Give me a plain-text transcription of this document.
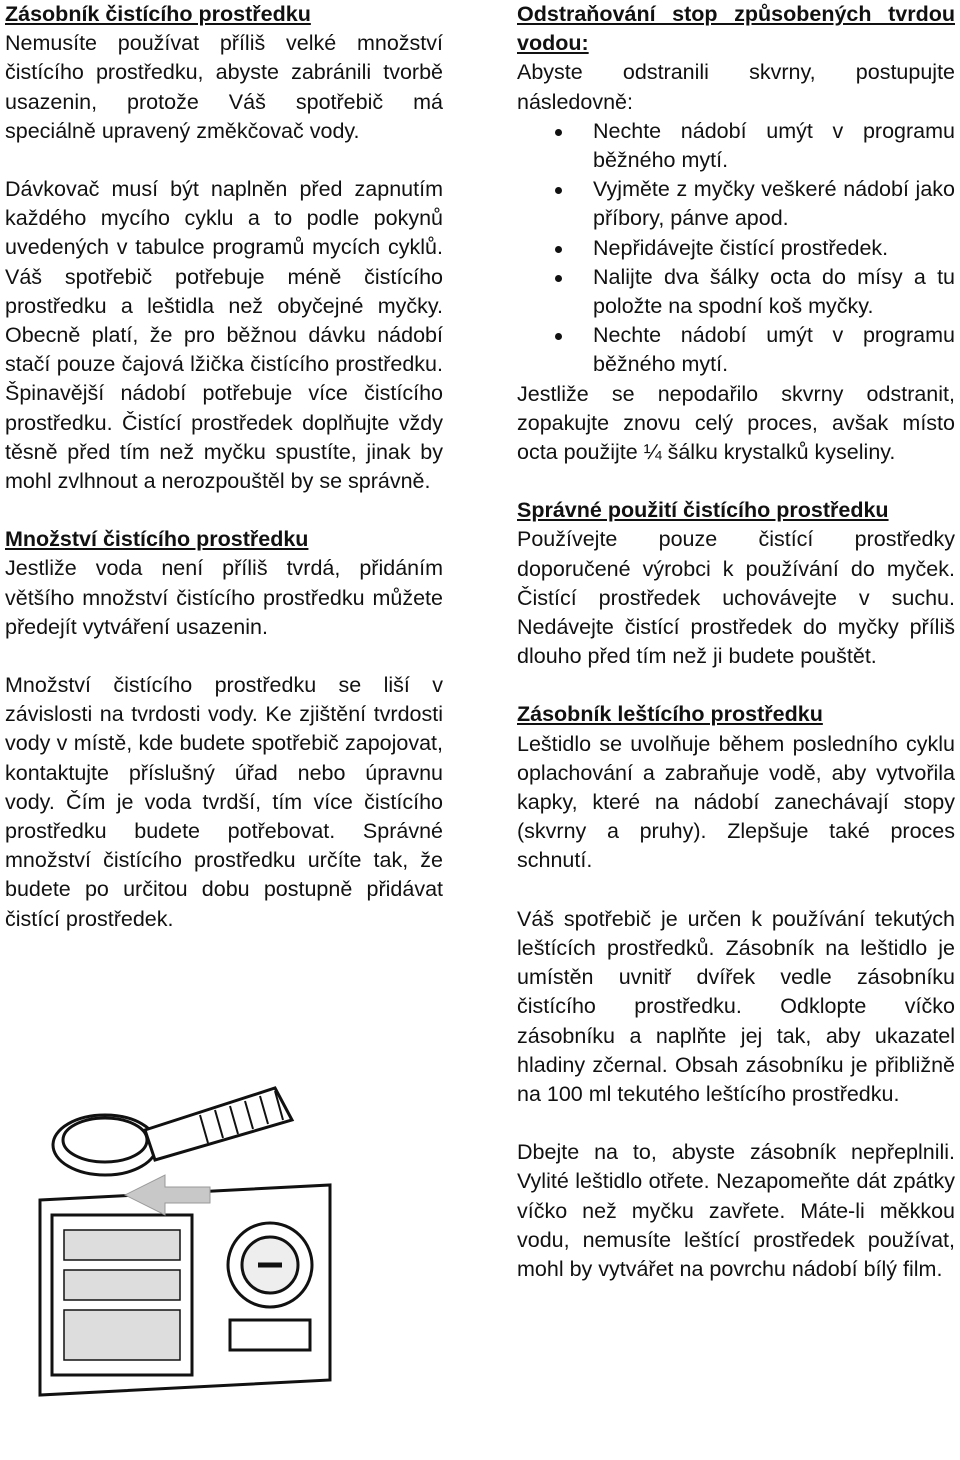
Zásobník čistícího prostředku

Nemusíte používat příliš velké množství čistícího prostředku, abyste zabránili tvorbě usazenin, protože Váš spotřebič má speciálně upravený změkčovač vody.

Dávkovač musí být naplněn před zapnutím každého mycího cyklu a to podle pokynů uvedených v tabulce programů mycích cyklů. Váš spotřebič potřebuje méně čistícího prostředku a leštidla než obyčejné myčky. Obecně platí, že pro běžnou dávku nádobí stačí pouze čajová lžička čistícího prostředku. Špinavější nádobí potřebuje více čistícího prostředku. Čistící prostředek doplňujte vždy těsně před tím než myčku spustíte, jinak by mohl zvlhnout a nerozpouštěl by se správně.

Množství čistícího prostředku

Jestliže voda není příliš tvrdá, přidáním většího množství čistícího prostředku můžete předejít vytváření usazenin.

Množství čistícího prostředku se liší v závislosti na tvrdosti vody. Ke zjištění tvrdosti vody v místě, kde budete spotřebič zapojovat, kontaktujte příslušný úřad nebo úpravnu vody. Čím je voda tvrdší, tím více čistícího prostředku budete potřebovat. Správné množství čistícího prostředku určíte tak, že budete po určitou dobu postupně přidávat čistící prostředek.

Odstraňování stop způsobených tvrdou vodou:

Abyste odstranili skvrny, postupujte následovně:

Nechte nádobí umýt v programu běžného mytí.
Vyjměte z myčky veškeré nádobí jako příbory, pánve apod.
Nepřidávejte čistící prostředek.
Nalijte dva šálky octa do mísy a tu položte na spodní koš myčky.
Nechte nádobí umýt v programu běžného mytí.

Jestliže se nepodařilo skvrny odstranit, zopakujte znovu celý proces, avšak místo octa použijte ¼ šálku krystalků kyseliny.

Správné použití čistícího prostředku

Používejte pouze čistící prostředky doporučené výrobci k používání do myček. Čistící prostředek uchovávejte v suchu. Nedávejte čistící prostředek do myčky příliš dlouho před tím než ji budete pouštět.

Zásobník leštícího prostředku

Leštidlo se uvolňuje během posledního cyklu oplachování a zabraňuje vodě, aby vytvořila kapky, které na nádobí zanechávají stopy (skvrny a pruhy). Zlepšuje také proces schnutí.

Váš spotřebič je určen k používání tekutých leštících prostředků. Zásobník na leštidlo je umístěn uvnitř dvířek vedle zásobníku čistícího prostředku. Odklopte víčko zásobníku a naplňte jej tak, aby ukazatel hladiny zčernal. Obsah zásobníku je přibližně na 100 ml tekutého leštícího prostředku.

Dbejte na to, abyste zásobník nepřeplnili. Vylité leštidlo otřete. Nezapomeňte dát zpátky víčko než myčku zavřete. Máte-li měkkou vodu, nemusíte leštící prostředek používat, mohl by vytvářet na povrchu nádobí bílý film.
